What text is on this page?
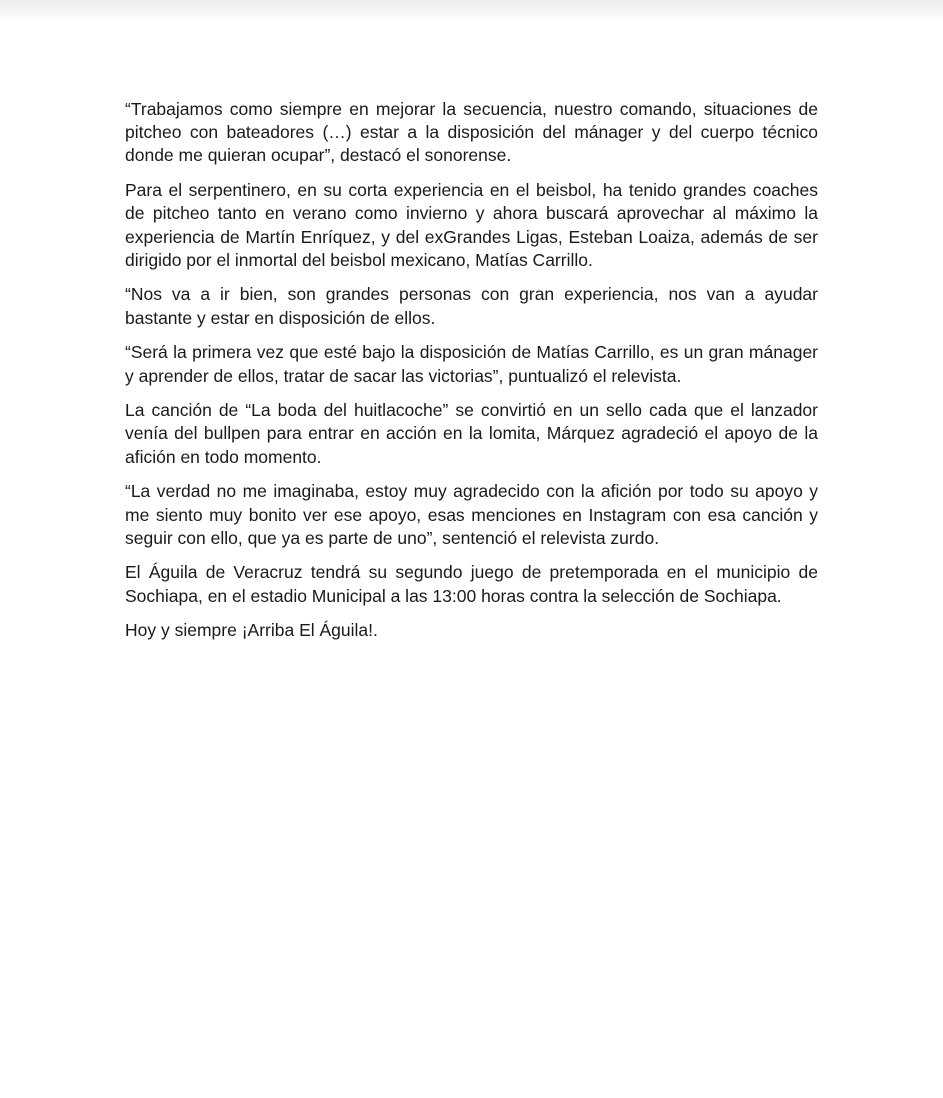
“Trabajamos como siempre en mejorar la secuencia, nuestro comando, situaciones de pitcheo con bateadores (…) estar a la disposición del mánager y del cuerpo técnico donde me quieran ocupar”, destacó el sonorense.

Para el serpentinero, en su corta experiencia en el beisbol, ha tenido grandes coaches de pitcheo tanto en verano como invierno y ahora buscará aprovechar al máximo la experiencia de Martín Enríquez, y del exGrandes Ligas, Esteban Loaiza, además de ser dirigido por el inmortal del beisbol mexicano, Matías Carrillo.

“Nos va a ir bien, son grandes personas con gran experiencia, nos van a ayudar bastante y estar en disposición de ellos.

“Será la primera vez que esté bajo la disposición de Matías Carrillo, es un gran mánager y aprender de ellos, tratar de sacar las victorias”, puntualizó el relevista.

La canción de “La boda del huitlacoche” se convirtió en un sello cada que el lanzador venía del bullpen para entrar en acción en la lomita, Márquez agradeció el apoyo de la afición en todo momento.

“La verdad no me imaginaba, estoy muy agradecido con la afición por todo su apoyo y me siento muy bonito ver ese apoyo, esas menciones en Instagram con esa canción y seguir con ello, que ya es parte de uno”, sentenció el relevista zurdo.

El Águila de Veracruz tendrá su segundo juego de pretemporada en el municipio de Sochiapa, en el estadio Municipal a las 13:00 horas contra la selección de Sochiapa.

Hoy y siempre ¡Arriba El Águila!.
